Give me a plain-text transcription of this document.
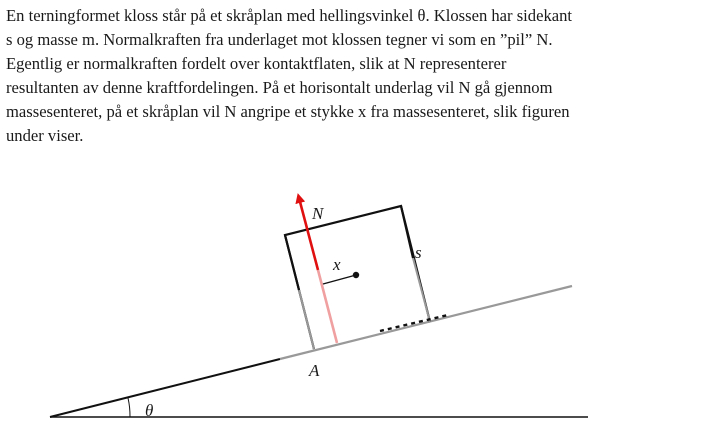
En terningformet kloss står på et skråplan med hellingsvinkel θ. Klossen har sidekant

s og masse m. Normalkraften fra underlaget mot klossen tegner vi som en ”pil” N.

Egentlig er normalkraften fordelt over kontaktflaten, slik at N representerer

resultanten av denne kraftfordelingen. På et horisontalt underlag vil N gå gjennom

massesenteret, på et skråplan vil N angripe et stykke x fra massesenteret, slik figuren

under viser.

N
x
s
A
θ
